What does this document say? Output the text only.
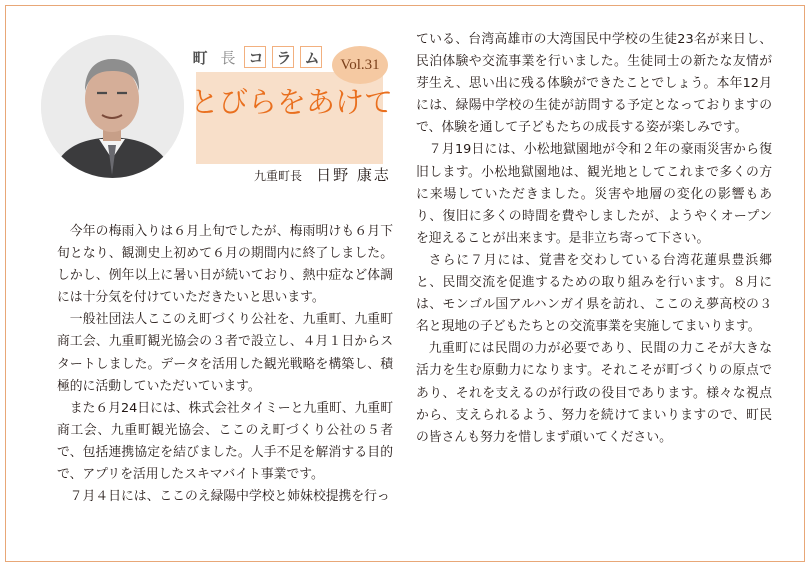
町 長 コ ラ ム	Vol.31
とびらをあけて
九重町長 日野 康志

今年の梅雨入りは６月上旬でしたが、梅雨明けも６月下旬となり、観測史上初めて６月の期間内に終了しました。しかし、例年以上に暑い日が続いており、熱中症など体調には十分気を付けていただきたいと思います。

一般社団法人ここのえ町づくり公社を、九重町、九重町商工会、九重町観光協会の３者で設立し、４月１日からスタートしました。データを活用した観光戦略を構築し、積極的に活動していただいています。

また６月24日には、株式会社タイミーと九重町、九重町商工会、九重町観光協会、ここのえ町づくり公社の５者で、包括連携協定を結びました。人手不足を解消する目的で、アプリを活用したスキマバイト事業です。

７月４日には、ここのえ緑陽中学校と姉妹校提携を行っ

ている、台湾高雄市の大湾国民中学校の生徒23名が来日し、民泊体験や交流事業を行いました。生徒同士の新たな友情が芽生え、思い出に残る体験ができたことでしょう。本年12月には、緑陽中学校の生徒が訪問する予定となっておりますので、体験を通して子どもたちの成長する姿が楽しみです。

７月19日には、小松地獄園地が令和２年の豪雨災害から復旧します。小松地獄園地は、観光地としてこれまで多くの方に来場していただきました。災害や地層の変化の影響もあり、復旧に多くの時間を費やしましたが、ようやくオープンを迎えることが出来ます。是非立ち寄って下さい。

さらに７月には、覚書を交わしている台湾花蓮県豊浜郷と、民間交流を促進するための取り組みを行います。８月には、モンゴル国アルハンガイ県を訪れ、ここのえ夢高校の３名と現地の子どもたちとの交流事業を実施してまいります。

九重町には民間の力が必要であり、民間の力こそが大きな活力を生む原動力になります。それこそが町づくりの原点であり、それを支えるのが行政の役目であります。様々な視点から、支えられるよう、努力を続けてまいりますので、町民の皆さんも努力を惜しまず頑いてください。
